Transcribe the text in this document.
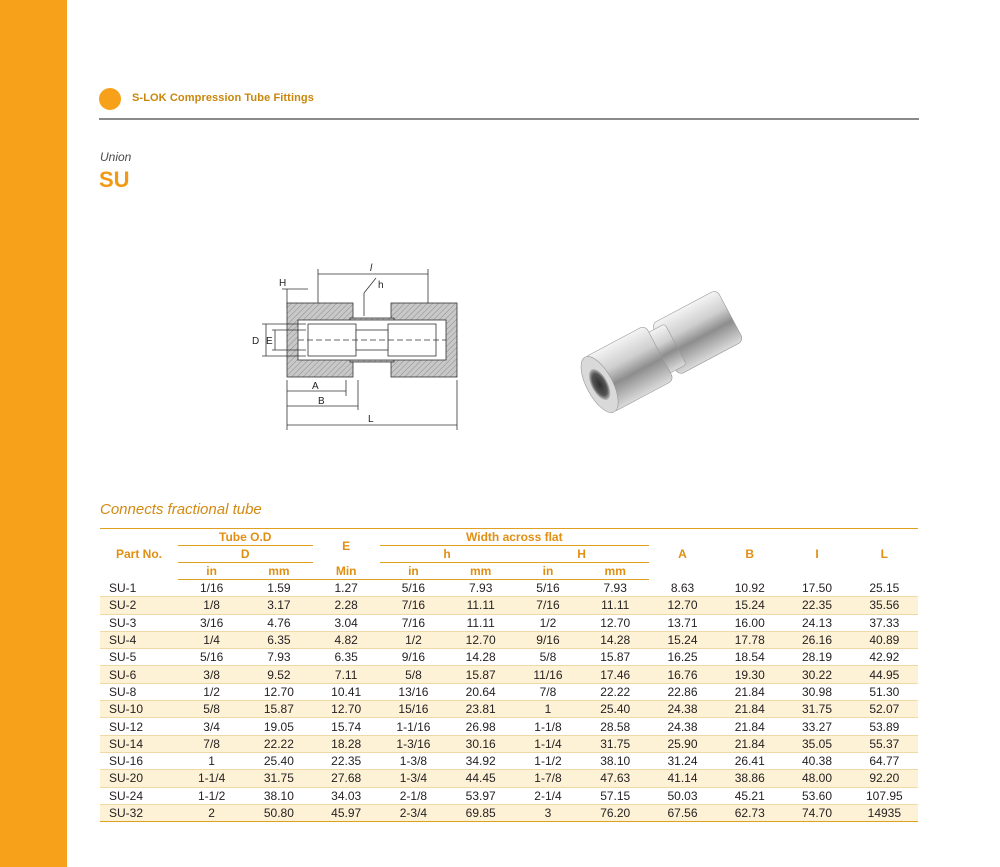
S-LOK Compression Tube Fittings
Union
SU
l
H	h
D E
A
B
L
Connects fractional tube
Part No.	Tube O.D		E	Width across flat				A	B	I	L
	D			h		H					
	in	mm	Min	in	mm	in	mm				
SU-1	1/16	1.59	1.27	5/16	7.93	5/16	7.93	8.63	10.92	17.50	25.15
SU-2	1/8	3.17	2.28	7/16	11.11	7/16	11.11	12.70	15.24	22.35	35.56
SU-3	3/16	4.76	3.04	7/16	11.11	1/2	12.70	13.71	16.00	24.13	37.33
SU-4	1/4	6.35	4.82	1/2	12.70	9/16	14.28	15.24	17.78	26.16	40.89
SU-5	5/16	7.93	6.35	9/16	14.28	5/8	15.87	16.25	18.54	28.19	42.92
SU-6	3/8	9.52	7.11	5/8	15.87	11/16	17.46	16.76	19.30	30.22	44.95
SU-8	1/2	12.70	10.41	13/16	20.64	7/8	22.22	22.86	21.84	30.98	51.30
SU-10	5/8	15.87	12.70	15/16	23.81	1	25.40	24.38	21.84	31.75	52.07
SU-12	3/4	19.05	15.74	1-1/16	26.98	1-1/8	28.58	24.38	21.84	33.27	53.89
SU-14	7/8	22.22	18.28	1-3/16	30.16	1-1/4	31.75	25.90	21.84	35.05	55.37
SU-16	1	25.40	22.35	1-3/8	34.92	1-1/2	38.10	31.24	26.41	40.38	64.77
SU-20	1-1/4	31.75	27.68	1-3/4	44.45	1-7/8	47.63	41.14	38.86	48.00	92.20
SU-24	1-1/2	38.10	34.03	2-1/8	53.97	2-1/4	57.15	50.03	45.21	53.60	107.95
SU-32	2	50.80	45.97	2-3/4	69.85	3	76.20	67.56	62.73	74.70	14935
